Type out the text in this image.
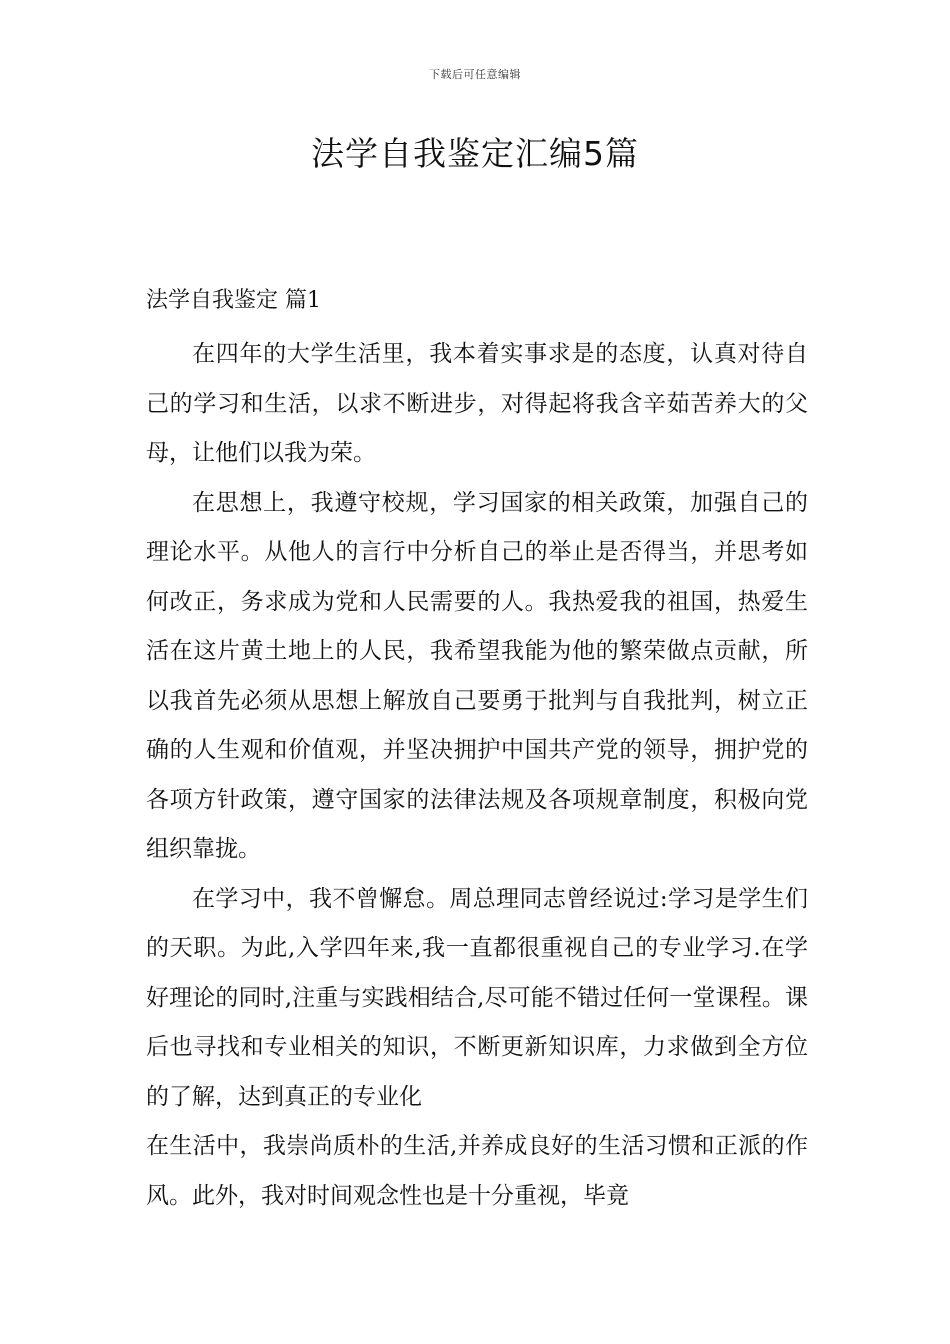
下载后可任意编辑
法学自我鉴定汇编5篇
法学自我鉴定 篇1

在四年的大学生活里，我本着实事求是的态度，认真对待自己的学习和生活，以求不断进步，对得起将我含辛茹苦养大的父母，让他们以我为荣。

在思想上，我遵守校规，学习国家的相关政策，加强自己的理论水平。从他人的言行中分析自己的举止是否得当，并思考如何改正，务求成为党和人民需要的人。我热爱我的祖国，热爱生活在这片黄土地上的人民，我希望我能为他的繁荣做点贡献，所以我首先必须从思想上解放自己要勇于批判与自我批判，树立正确的人生观和价值观，并坚决拥护中国共产党的领导，拥护党的各项方针政策，遵守国家的法律法规及各项规章制度，积极向党组织靠拢。

在学习中，我不曾懈怠。周总理同志曾经说过:学习是学生们的天职。为此,入学四年来,我一直都很重视自己的专业学习.在学好理论的同时,注重与实践相结合,尽可能不错过任何一堂课程。课后也寻找和专业相关的知识，不断更新知识库，力求做到全方位的了解，达到真正的专业化

在生活中，我崇尚质朴的生活,并养成良好的生活习惯和正派的作风。此外，我对时间观念性也是十分重视，毕竟
